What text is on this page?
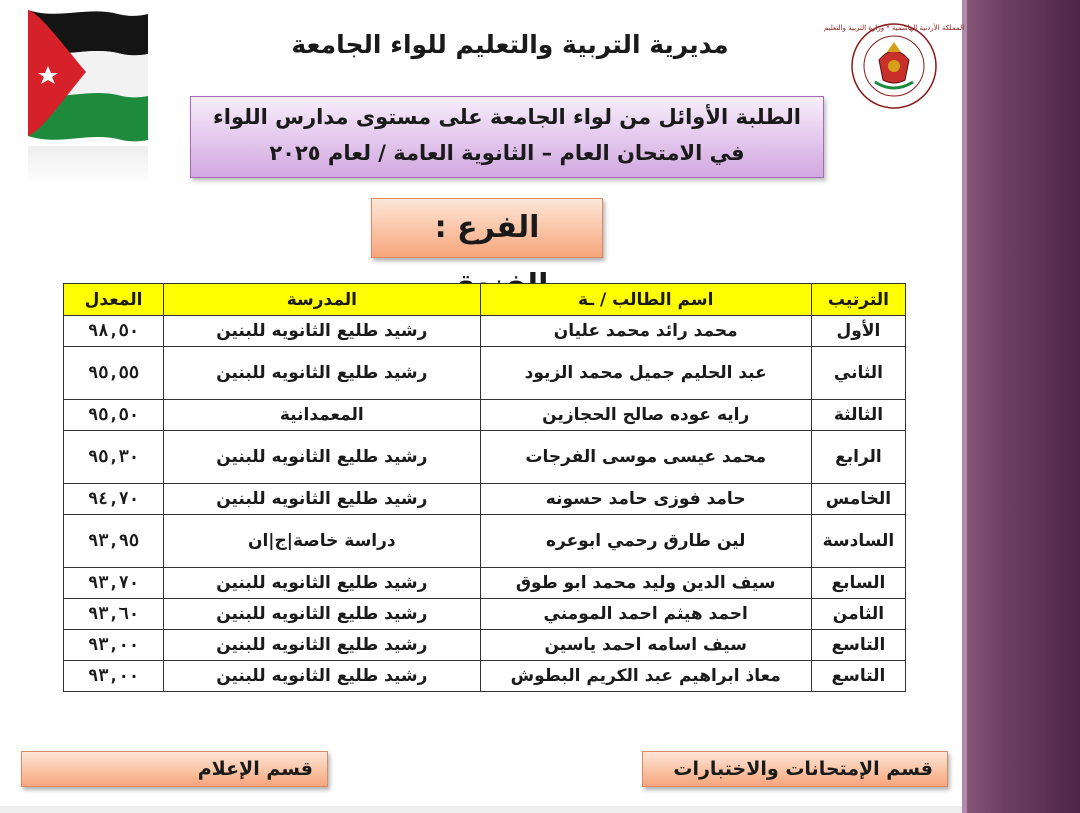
المملكة الأردنية الهاشمية * وزارة التربية والتعليم
مديرية التربية والتعليم للواء الجامعة
الطلبة الأوائل من لواء الجامعة على مستوى مدارس اللواء
في الامتحان العام – الثانوية العامة / لعام ٢٠٢٥
الفرع :
الترتيب	اسم الطالب / ـة	المدرسة	المعدل
الأول	محمد رائد محمد عليان	رشيد طليع الثانويه للبنين	٩٨,٥٠
الثاني	عبد الحليم جميل محمد الزيود	رشيد طليع الثانويه للبنين	٩٥,٥٥
الثالثة	رايه عوده صالح الحجازين	المعمدانية	٩٥,٥٠
الرابع	محمد عيسى موسى الفرجات	رشيد طليع الثانويه للبنين	٩٥,٣٠
الخامس	حامد فوزى حامد حسونه	رشيد طليع الثانويه للبنين	٩٤,٧٠
السادسة	لين طارق رحمي ابوعره	دراسة خاصة|ج|ان	٩٣,٩٥
السابع	سيف الدين وليد محمد ابو طوق	رشيد طليع الثانويه للبنين	٩٣,٧٠
الثامن	احمد هيثم احمد المومني	رشيد طليع الثانويه للبنين	٩٣,٦٠
التاسع	سيف اسامه احمد ياسين	رشيد طليع الثانويه للبنين	٩٣,٠٠
التاسع	معاذ ابراهيم عبد الكريم البطوش	رشيد طليع الثانويه للبنين	٩٣,٠٠
قسم الإعلام	قسم الإمتحانات والاختبارات
